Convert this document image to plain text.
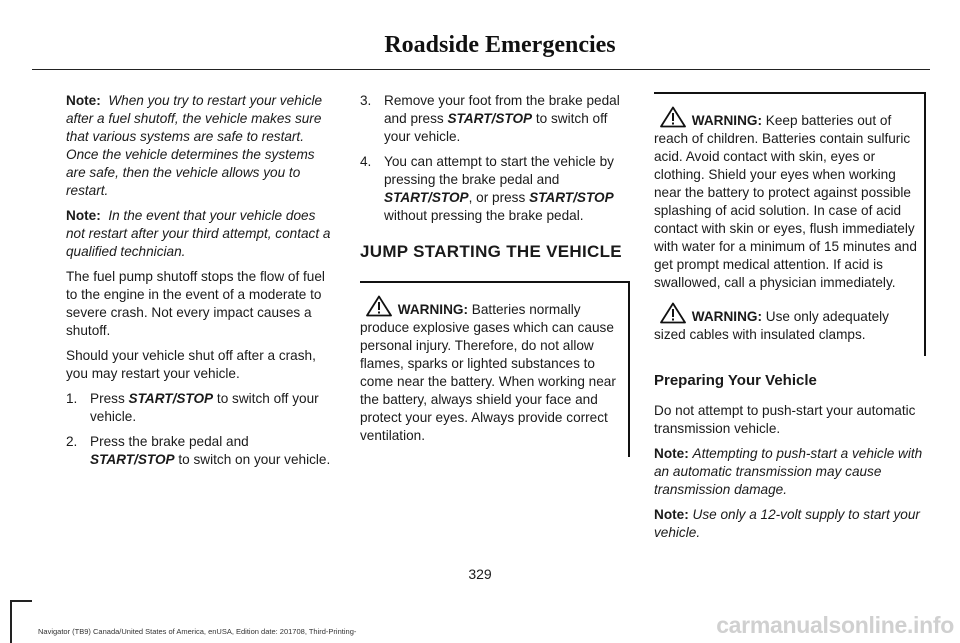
Roadside Emergencies

Note: When you try to restart your vehicle after a fuel shutoff, the vehicle makes sure that various systems are safe to restart. Once the vehicle determines the systems are safe, then the vehicle allows you to restart.

Note: In the event that your vehicle does not restart after your third attempt, contact a qualified technician.

The fuel pump shutoff stops the flow of fuel to the engine in the event of a moderate to severe crash. Not every impact causes a shutoff.

Should your vehicle shut off after a crash, you may restart your vehicle.

1. Press START/STOP to switch off your vehicle.
2. Press the brake pedal and START/STOP to switch on your vehicle.
3. Remove your foot from the brake pedal and press START/STOP to switch off your vehicle.
4. You can attempt to start the vehicle by pressing the brake pedal and START/STOP, or press START/STOP without pressing the brake pedal.
JUMP STARTING THE VEHICLE

WARNING: Batteries normally produce explosive gases which can cause personal injury. Therefore, do not allow flames, sparks or lighted substances to come near the battery. When working near the battery, always shield your face and protect your eyes. Always provide correct ventilation.

WARNING: Keep batteries out of reach of children. Batteries contain sulfuric acid. Avoid contact with skin, eyes or clothing. Shield your eyes when working near the battery to protect against possible splashing of acid solution. In case of acid contact with skin or eyes, flush immediately with water for a minimum of 15 minutes and get prompt medical attention. If acid is swallowed, call a physician immediately.

WARNING: Use only adequately sized cables with insulated clamps.

Preparing Your Vehicle

Do not attempt to push-start your automatic transmission vehicle.

Note: Attempting to push-start a vehicle with an automatic transmission may cause transmission damage.

Note: Use only a 12-volt supply to start your vehicle.

329
Navigator (TB9) Canada/United States of America, enUSA, Edition date: 201708, Third-Printing-	carmanualsonline.info
